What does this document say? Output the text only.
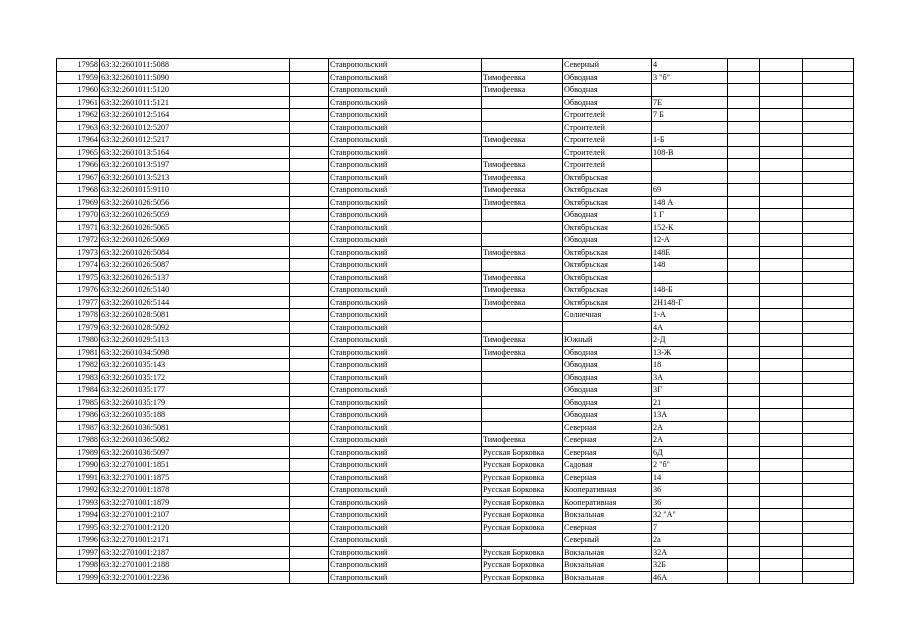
17958	63:32:2601011:5088		Ставропольский		Северный	4			
17959	63:32:2601011:5090		Ставропольский	Тимофеевка	Обводная	3 "б"			
17960	63:32:2601011:5120		Ставропольский	Тимофеевка	Обводная				
17961	63:32:2601011:5121		Ставропольский		Обводная	7Е			
17962	63:32:2601012:5164		Ставропольский		Строителей	7 Б			
17963	63:32:2601012:5207		Ставропольский		Строителей				
17964	63:32:2601012:5217		Ставропольский	Тимофеевка	Строителей	1-Б			
17965	63:32:2601013:5164		Ставропольский		Строителей	108-В			
17966	63:32:2601013:5197		Ставропольский	Тимофеевка	Строителей				
17967	63:32:2601013:5213		Ставропольский	Тимофеевка	Октябрьская				
17968	63:32:2601015:9110		Ставропольский	Тимофеевка	Октябрьская	69			
17969	63:32:2601026:5056		Ставропольский	Тимофеевка	Октябрьская	148 А			
17970	63:32:2601026:5059		Ставропольский		Обводная	1 Г			
17971	63:32:2601026:5065		Ставропольский		Октябрьская	152-К			
17972	63:32:2601026:5069		Ставропольский		Обводная	12-А			
17973	63:32:2601026:5084		Ставропольский	Тимофеевка	Октябрьская	148Е			
17974	63:32:2601026:5087		Ставропольский		Октябрьская	148			
17975	63:32:2601026:5137		Ставропольский	Тимофеевка	Октябрьская				
17976	63:32:2601026:5140		Ставропольский	Тимофеевка	Октябрьская	148-Б			
17977	63:32:2601026:5144		Ставропольский	Тимофеевка	Октябрьская	2Н148-Г			
17978	63:32:2601028:5081		Ставропольский		Солнечная	1-А			
17979	63:32:2601028:5092		Ставропольский			4А			
17980	63:32:2601029:5113		Ставропольский	Тимофеевка	Южный	2-Д			
17981	63:32:2601034:5098		Ставропольский	Тимофеевка	Обводная	13-Ж			
17982	63:32:2601035:143		Ставропольский		Обводная	18			
17983	63:32:2601035:172		Ставропольский		Обводная	3А			
17984	63:32:2601035:177		Ставропольский		Обводная	3Г			
17985	63:32:2601035:179		Ставропольский		Обводная	21			
17986	63:32:2601035:188		Ставропольский		Обводная	13А			
17987	63:32:2601036:5081		Ставропольский		Северная	2А			
17988	63:32:2601036:5082		Ставропольский	Тимофеевка	Северная	2А			
17989	63:32:2601036:5097		Ставропольский	Русская Борковка	Северная	6Д			
17990	63:32:2701001:1851		Ставропольский	Русская Борковка	Садовая	2 "б"			
17991	63:32:2701001:1875		Ставропольский	Русская Борковка	Северная	14			
17992	63:32:2701001:1878		Ставропольский	Русская Борковка	Кооперативная	36			
17993	63:32:2701001:1879		Ставропольский	Русская Борковка	Кооперативная	36			
17994	63:32:2701001:2107		Ставропольский	Русская Борковка	Вокзальная	32 "А"			
17995	63:32:2701001:2120		Ставропольский	Русская Борковка	Северная	7			
17996	63:32:2701001:2171		Ставропольский		Северный	2а			
17997	63:32:2701001:2187		Ставропольский	Русская Борковка	Вокзальная	32А			
17998	63:32:2701001:2188		Ставропольский	Русская Борковка	Вокзальная	32Б			
17999	63:32:2701001:2236		Ставропольский	Русская Борковка	Вокзальная	46А			
